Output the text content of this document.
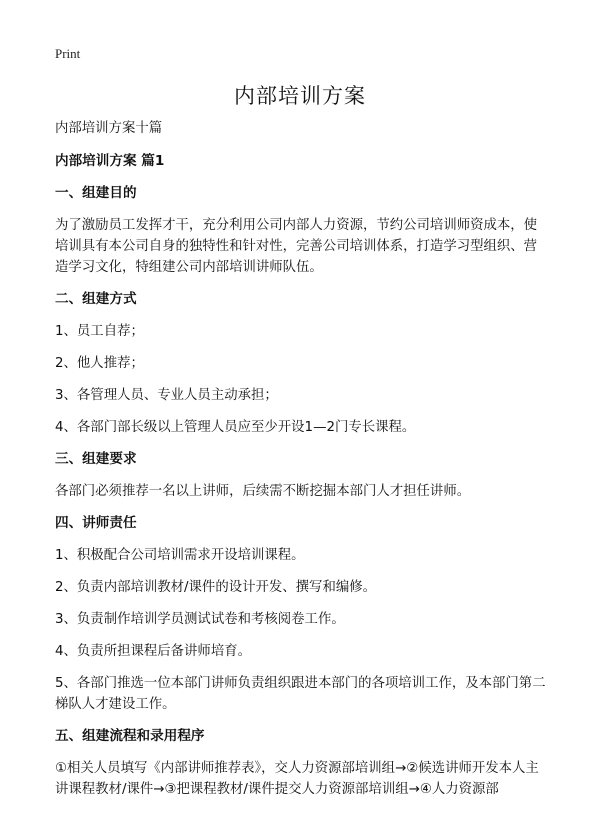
Print
内部培训方案

内部培训方案十篇

内部培训方案 篇1

一、组建目的

为了激励员工发挥才干，充分利用公司内部人力资源，节约公司培训师资成本，使培训具有本公司自身的独特性和针对性，完善公司培训体系，打造学习型组织、营造学习文化，特组建公司内部培训讲师队伍。

二、组建方式

1、员工自荐；

2、他人推荐；

3、各管理人员、专业人员主动承担；

4、各部门部长级以上管理人员应至少开设1—2门专长课程。

三、组建要求

各部门必须推荐一名以上讲师，后续需不断挖掘本部门人才担任讲师。

四、讲师责任

1、积极配合公司培训需求开设培训课程。

2、负责内部培训教材/课件的设计开发、撰写和编修。

3、负责制作培训学员测试试卷和考核阅卷工作。

4、负责所担课程后备讲师培育。

5、各部门推选一位本部门讲师负责组织跟进本部门的各项培训工作，及本部门第二梯队人才建设工作。

五、组建流程和录用程序

①相关人员填写《内部讲师推荐表》，交人力资源部培训组→②候选讲师开发本人主讲课程教材/课件→③把课程教材/课件提交人力资源部培训组→④人力资源部
